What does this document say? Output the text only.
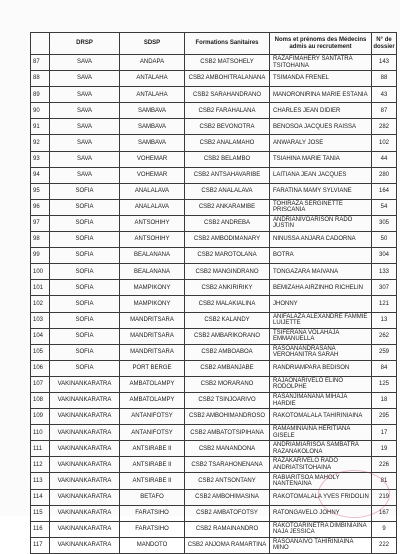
	DRSP	SDSP	Formations Sanitaires	Noms et prénoms des Médecins admis au recrutement	N° de dossier
87	SAVA	ANDAPA	CSB2 MATSOHELY	RAZAFIMAHERY SANTATRA TSITOHAINA	143
88	SAVA	ANTALAHA	CSB2 AMBOHITRALANANA	TSIMANDA FRENEL	88
89	SAVA	ANTALAHA	CSB2 SARAHANDRANO	MANORONIRINA MARIE ESTANIA	43
90	SAVA	SAMBAVA	CSB2 FARAHALANA	CHARLES JEAN DIDIER	87
91	SAVA	SAMBAVA	CSB2 BEVONOTRA	BENOSOA JACQUES RAISSA	282
92	SAVA	SAMBAVA	CSB2 ANALAMAHO	ANWARALY JOSE	102
93	SAVA	VOHEMAR	CSB2 BELAMBO	TSIAHINA MARIE TANIA	44
94	SAVA	VOHEMAR	CSB2 ANTSAHAVARIBE	LAITIANA JEAN JACQUES	280
95	SOFIA	ANALALAVA	CSB2 ANALALAVA	FARATINA MAMY SYLVIANE	164
96	SOFIA	ANALALAVA	CSB2 ANKARAMIBE	TOHIRAZA SERGINETTE PRISCANIA	54
97	SOFIA	ANTSOHIHY	CSB2 ANDREBA	ANDRIANIVOARISON RADO JUSTIN	305
98	SOFIA	ANTSOHIHY	CSB2 AMBODIMANARY	NINUSSA ANJARA CADORNA	50
99	SOFIA	BEALANANA	CSB2 MAROTOLANA	BOTRA	304
100	SOFIA	BEALANANA	CSB2 MANGINDRANO	TONGAZARA MAIVANA	133
101	SOFIA	MAMPIKONY	CSB2 ANKIRIRIKY	BEMIZAHA AIRZINHO RICHELIN	307
102	SOFIA	MAMPIKONY	CSB2 MALAKIALINA	JHONNY	121
103	SOFIA	MANDRITSARA	CSB2 KALANDY	ANIFALAZA ALEXANDRE FAMMIE LUIJETTE	13
104	SOFIA	MANDRITSARA	CSB2 AMBARIKORANO	TSIFERANA VOLAHAJA EMMANUELLA	262
105	SOFIA	MANDRITSARA	CSB2 AMBOABOA	RASOANANDRASANA VEROHANITRA SARAH	259
106	SOFIA	PORT BERGE	CSB2 AMBANJABE	RANDRIAMPARA BEDISON	84
107	VAKINANKARATRA	AMBATOLAMPY	CSB2 MORARANO	RAJAONARIVELO ELINO RODOLPHE	125
108	VAKINANKARATRA	AMBATOLAMPY	CSB2 TSINJOARIVO	RASANJIMANANA MIHAJA HARDIE	18
109	VAKINANKARATRA	ANTANIFOTSY	CSB2 AMBOHIMANDROSO	RAKOTOMALALA TAHIRINIAINA	295
110	VAKINANKARATRA	ANTANIFOTSY	CSB2 AMBATOTSIPIHANA	RAMAMINIAINA HERITIANA GISELE	17
111	VAKINANKARATRA	ANTSIRABE II	CSB2 MANANDONA	ANDRIAMIARISOA SAMBATRA RAZANAKOLONA	19
112	VAKINANKARATRA	ANTSIRABE II	CSB2 TSARAHONENANA	RAZAKARIVELO RADO ANDRIATSITOHAINA	226
113	VAKINANKARATRA	ANTSIRABE II	CSB2 ANTSONTANY	RABIARITSOA MAHOLY NANTENAINA	81
114	VAKINANKARATRA	BETAFO	CSB2 AMBOHIMASINA	RAKOTOMALALA YVES FRIDOLIN	219
115	VAKINANKARATRA	FARATSIHO	CSB2 AMBATOFOTSY	RATONGAVELO JOHNY	167
116	VAKINANKARATRA	FARATSIHO	CSB2 RAMAINANDRO	RAKOTOARINETRA DIMBINIAINA NAJA JESSICA	9
117	VAKINANKARATRA	MANDOTO	CSB2 ANJOMA RAMARTINA	RASOANAIVO TAHIRINIAINA MINO	222
